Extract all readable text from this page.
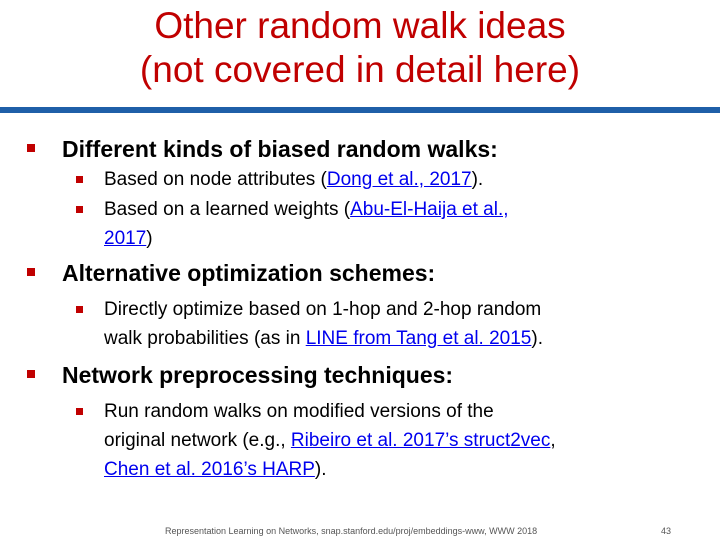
Other random walk ideas
(not covered in detail here)
Different kinds of biased random walks:
Based on node attributes (Dong et al., 2017).
Based on a learned weights (Abu-El-Haija et al.,
2017)
Alternative optimization schemes:
Directly optimize based on 1-hop and 2-hop random
walk probabilities (as in LINE from Tang et al. 2015).
Network preprocessing techniques:
Run random walks on modified versions of the
original network (e.g., Ribeiro et al. 2017’s struct2vec,
Chen et al. 2016’s HARP).
Representation Learning on Networks, snap.stanford.edu/proj/embeddings-www, WWW 2018	43
